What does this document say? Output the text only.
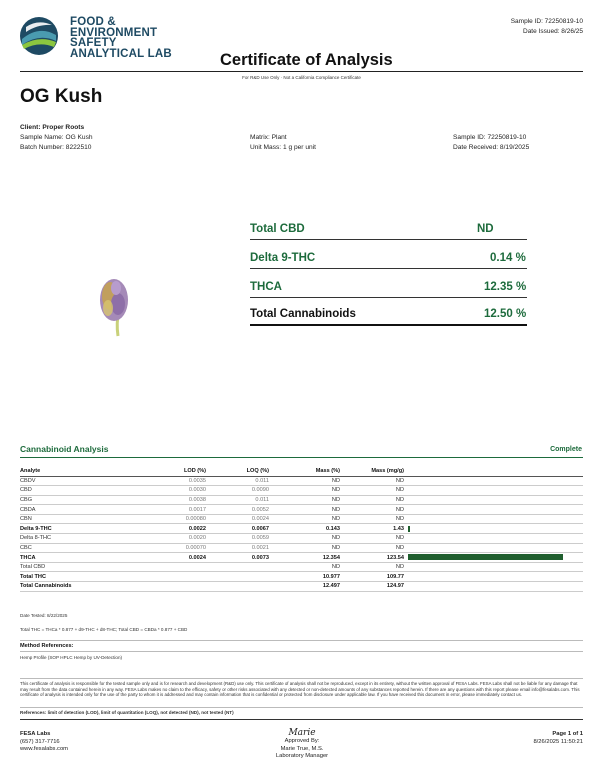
FOOD &
ENVIRONMENT
SAFETY
ANALYTICAL LAB
Sample ID: 72250819-10
Date Issued: 8/26/25
Certificate of Analysis
For R&D Use Only · Not a California Compliance Certificate
OG Kush
Client: Proper Roots
Sample Name: OG Kush
Batch Number: 8222510
Matrix: Plant
Unit Mass: 1 g per unit
Sample ID: 72250819-10
Date Received: 8/19/2025
Total CBD	ND
Delta 9-THC	0.14 %
THCA	12.35 %
Total Cannabinoids	12.50 %
Cannabinoid Analysis	Complete
Analyte	LOD (%)	LOQ (%)	Mass (%)	Mass (mg/g)	
CBDV	0.0035	0.011	ND	ND	
CBD	0.0030	0.0090	ND	ND	
CBG	0.0038	0.011	ND	ND	
CBDA	0.0017	0.0052	ND	ND	
CBN	0.00080	0.0024	ND	ND	
Delta 9-THC	0.0022	0.0067	0.143	1.43	
Delta 8-THC	0.0020	0.0059	ND	ND	
CBC	0.00070	0.0021	ND	ND	
THCA	0.0024	0.0073	12.354	123.54	
Total CBD			ND	ND	
Total THC			10.977	109.77	
Total Cannabinoids			12.497	124.97	
Date Tested: 8/22/2025
Total THC = THCa * 0.877 + d9-THC + d8-THC; Total CBD = CBDa * 0.877 + CBD
Method References:
Hemp Profile (SOP HPLC Hemp by UV-Detection)
This certificate of analysis is responsible for the tested sample only and is for research and development (R&D) use only. This certificate of analysis shall not be reproduced, except in its entirety, without the written approval of FESA Labs. FESA Labs shall not be liable for any damage that may result from the data contained herein in any way. FESA Labs makes no claim to the efficacy, safety or other risks associated with any detected or non-detected amounts of any substances reported herein. If there are any questions with this report please email info@fesalabs.com. This certificate of analysis is intended only for the use of the party to whom it is addressed and may contain information that is confidential or protected from disclosure under applicable law. If you have received this document in error, please immediately contact us.
References: limit of detection (LOD), limit of quantitation (LOQ), not detected (ND), not tested (NT)
FESA Labs
(657) 317-7716
www.fesalabs.com
Marie
Approved By:
Marie True, M.S.
Laboratory Manager
Page 1 of 1
8/26/2025 11:50:21
